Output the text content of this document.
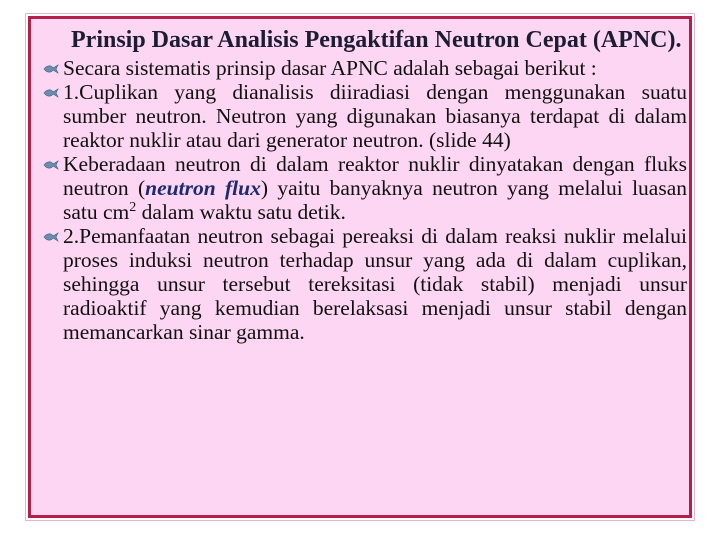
Prinsip Dasar Analisis Pengaktifan Neutron Cepat (APNC).

Secara sistematis prinsip dasar APNC adalah sebagai berikut :

1.Cuplikan yang dianalisis diiradiasi dengan menggunakan suatu sumber neutron. Neutron yang digunakan biasanya terdapat di dalam reaktor nuklir atau dari generator neutron. (slide 44)

Keberadaan neutron di dalam reaktor nuklir dinyatakan dengan fluks neutron (neutron flux) yaitu banyaknya neutron yang melalui luasan satu $cm^2$ dalam waktu satu detik.

2.Pemanfaatan neutron sebagai pereaksi di dalam reaksi nuklir melalui proses induksi neutron terhadap unsur yang ada di dalam cuplikan, sehingga unsur tersebut tereksitasi (tidak stabil) menjadi unsur radioaktif yang kemudian berelaksasi menjadi unsur stabil dengan memancarkan sinar gamma.
